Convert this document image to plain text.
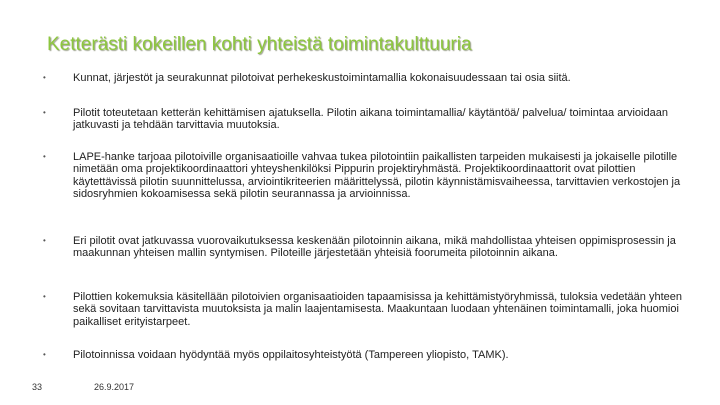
Ketterästi kokeillen kohti yhteistä toimintakulttuuria
•	Kunnat, järjestöt ja seurakunnat pilotoivat perhekeskustoimintamallia kokonaisuudessaan tai osia siitä.
•	Pilotit toteutetaan ketterän kehittämisen ajatuksella. Pilotin aikana toimintamallia/ käytäntöä/ palvelua/ toimintaa arvioidaan jatkuvasti ja tehdään tarvittavia muutoksia.
•	LAPE-hanke tarjoaa pilotoiville organisaatioille vahvaa tukea pilotointiin paikallisten tarpeiden mukaisesti ja jokaiselle pilotille nimetään oma projektikoordinaattori yhteyshenkilöksi Pippurin projektiryhmästä. Projektikoordinaattorit ovat pilottien käytettävissä pilotin suunnittelussa, arviointikriteerien määrittelyssä, pilotin käynnistämisvaiheessa, tarvittavien verkostojen ja sidosryhmien kokoamisessa sekä pilotin seurannassa ja arvioinnissa.
•	Eri pilotit ovat jatkuvassa vuorovaikutuksessa keskenään pilotoinnin aikana, mikä mahdollistaa yhteisen oppimisprosessin ja maakunnan yhteisen mallin syntymisen. Piloteille järjestetään yhteisiä foorumeita pilotoinnin aikana.
•	Pilottien kokemuksia käsitellään pilotoivien organisaatioiden tapaamisissa ja kehittämistyöryhmissä, tuloksia vedetään yhteen sekä sovitaan tarvittavista muutoksista ja malin laajentamisesta. Maakuntaan luodaan yhtenäinen toimintamalli, joka huomioi paikalliset erityistarpeet.
•	Pilotoinnissa voidaan hyödyntää myös oppilaitosyhteistyötä (Tampereen yliopisto, TAMK).
33	26.9.2017
